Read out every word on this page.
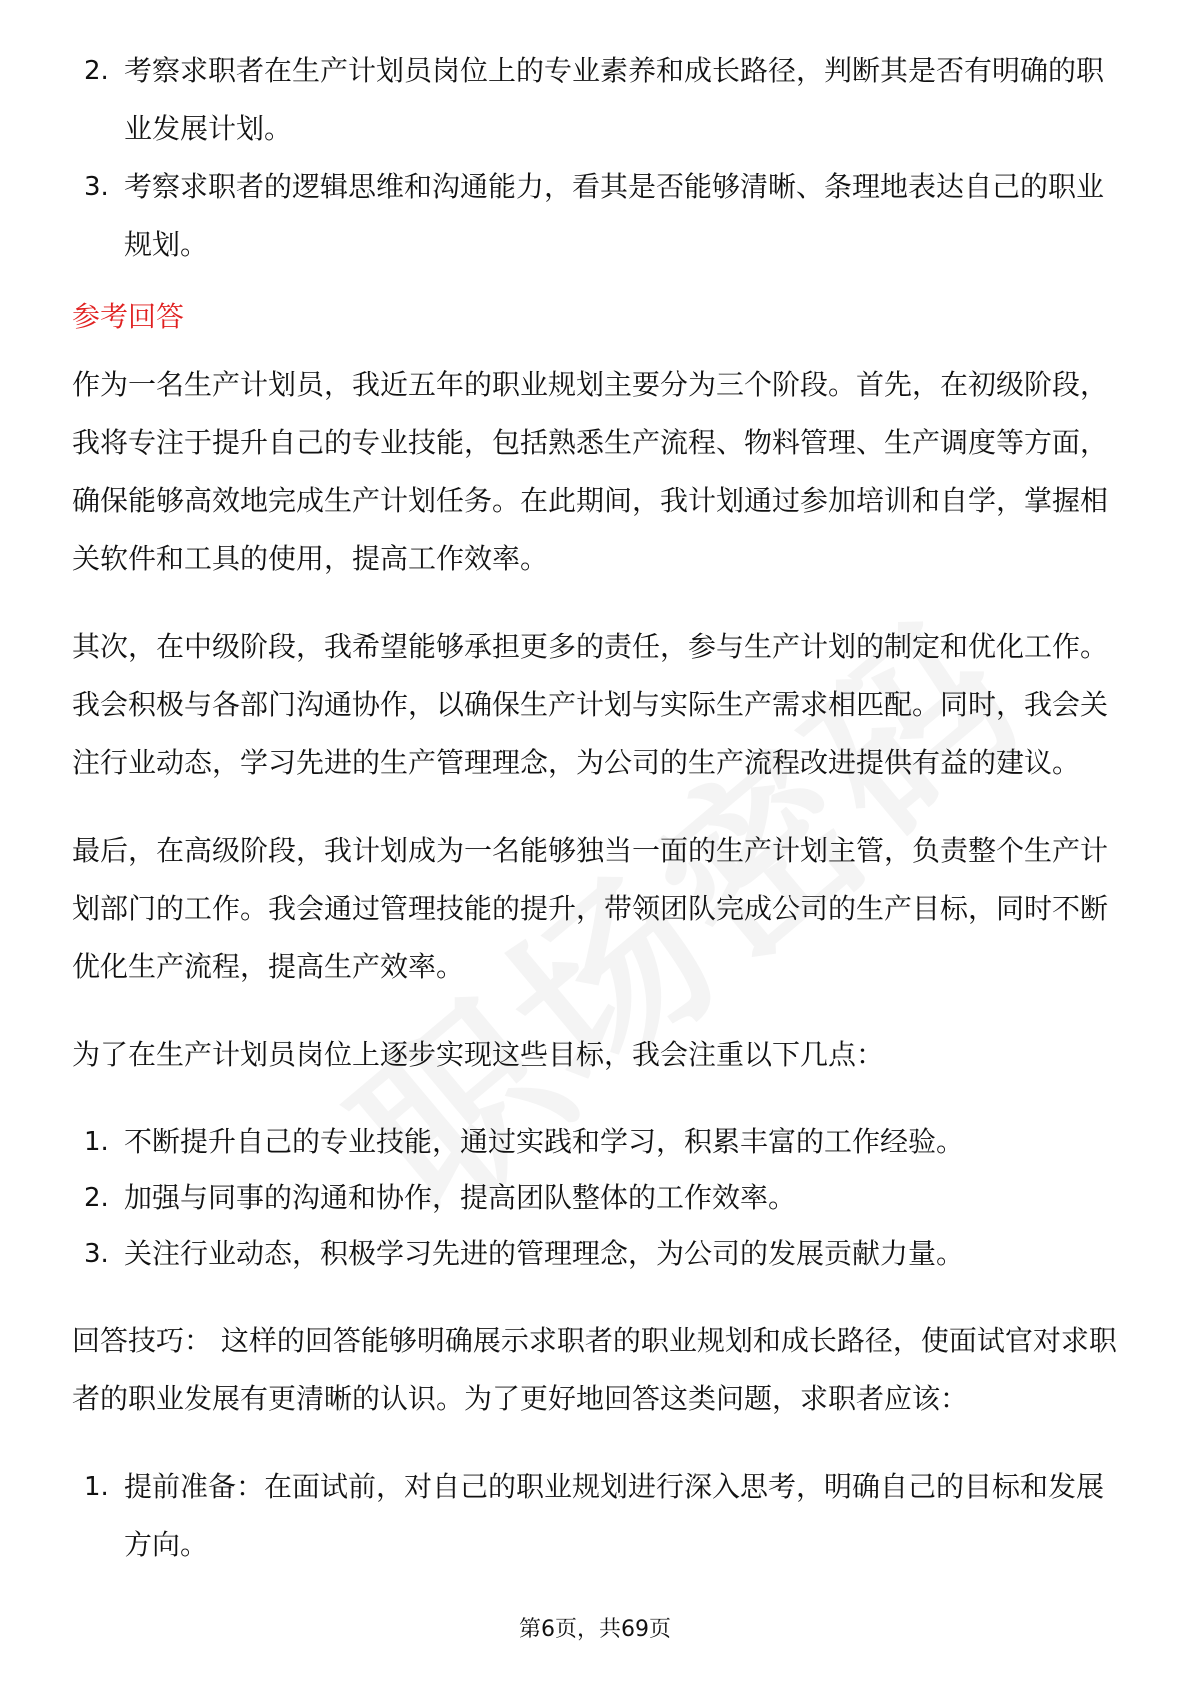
2. 考察求职者在生产计划员岗位上的专业素养和成长路径，判断其是否有明确的职业发展计划。
3. 考察求职者的逻辑思维和沟通能力，看其是否能够清晰、条理地表达自己的职业规划。
参考回答

作为一名生产计划员，我近五年的职业规划主要分为三个阶段。首先，在初级阶段，我将专注于提升自己的专业技能，包括熟悉生产流程、物料管理、生产调度等方面，确保能够高效地完成生产计划任务。在此期间，我计划通过参加培训和自学，掌握相关软件和工具的使用，提高工作效率。

其次，在中级阶段，我希望能够承担更多的责任，参与生产计划的制定和优化工作。我会积极与各部门沟通协作，以确保生产计划与实际生产需求相匹配。同时，我会关注行业动态，学习先进的生产管理理念，为公司的生产流程改进提供有益的建议。

最后，在高级阶段，我计划成为一名能够独当一面的生产计划主管，负责整个生产计划部门的工作。我会通过管理技能的提升，带领团队完成公司的生产目标，同时不断优化生产流程，提高生产效率。

为了在生产计划员岗位上逐步实现这些目标，我会注重以下几点：

1. 不断提升自己的专业技能，通过实践和学习，积累丰富的工作经验。
2. 加强与同事的沟通和协作，提高团队整体的工作效率。
3. 关注行业动态，积极学习先进的管理理念，为公司的发展贡献力量。

回答技巧： 这样的回答能够明确展示求职者的职业规划和成长路径，使面试官对求职者的职业发展有更清晰的认识。为了更好地回答这类问题，求职者应该：

1. 提前准备：在面试前，对自己的职业规划进行深入思考，明确自己的目标和发展方向。
第6页，共69页
